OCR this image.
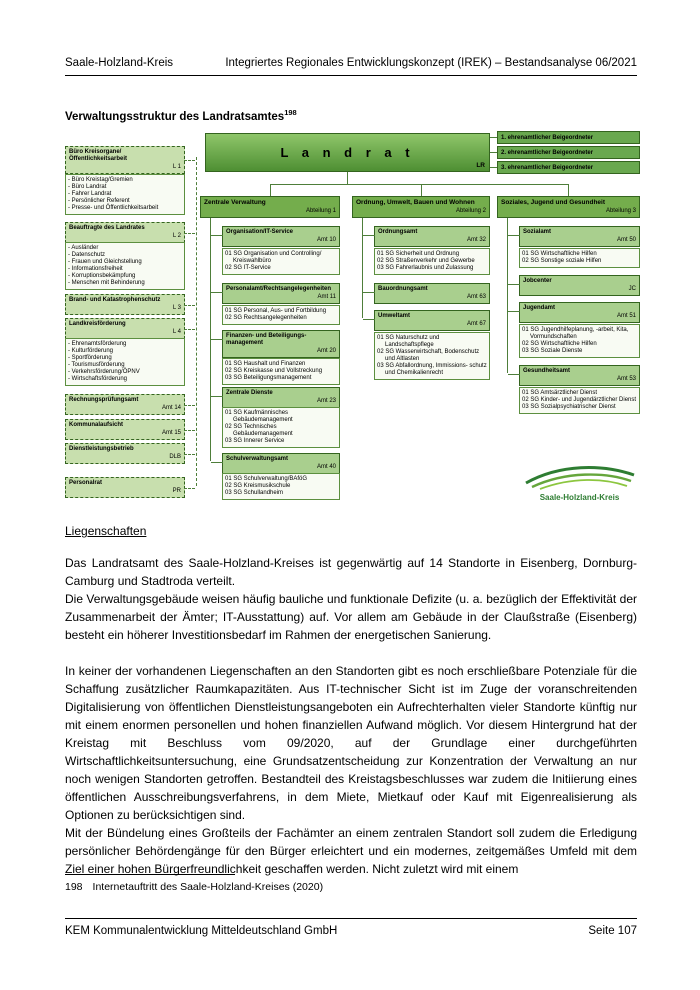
Saale-Holzland-Kreis	Integriertes Regionales Entwicklungskonzept (IREK) – Bestandsanalyse 06/2021
Verwaltungsstruktur des Landratsamtes$^{198}$
L a n d r a t
LR
1. ehrenamtlicher Beigeordneter
2. ehrenamtlicher Beigeordneter
3. ehrenamtlicher Beigeordneter
Büro Kreisorgane/ Öffentlichkeitsarbeit
L 1
- Büro Kreistag/Gremien
- Büro Landrat
- Fahrer Landrat
- Persönlicher Referent
- Presse- und Öffentlichkeitsarbeit
Beauftragte des Landrates
L 2
- Ausländer
- Datenschutz
- Frauen und Gleichstellung
- Informationsfreiheit
- Korruptionsbekämpfung
- Menschen mit Behinderung
Brand- und Katastrophenschutz
L 3
Landkreisförderung
L 4
- Ehrenamtsförderung
- Kulturförderung
- Sportförderung
- Tourismusförderung
- Verkehrsförderung/ÖPNV
- Wirtschaftsförderung
Rechnungsprüfungsamt
Amt 14
Kommunalaufsicht
Amt 15
Dienstleistungsbetrieb
DLB
Personalrat
PR
Zentrale Verwaltung
Abteilung 1
Ordnung, Umwelt, Bauen und Wohnen
Abteilung 2
Soziales, Jugend und Gesundheit
Abteilung 3
Organisation/IT-Service
Amt 10
01 SG Organisation und Controlling/ Kreiswahlbüro
02 SG IT-Service
Personalamt/Rechtsangelegenheiten
Amt 11
01 SG Personal, Aus- und Fortbildung
02 SG Rechtsangelegenheiten
Finanzen- und Beteiligungs- management
Amt 20
01 SG Haushalt und Finanzen
02 SG Kreiskasse und Vollstreckung
03 SG Beteiligungsmanagement
Zentrale Dienste
Amt 23
01 SG Kaufmännisches Gebäudemanagement
02 SG Technisches Gebäudemanagement
03 SG Innerer Service
Schulverwaltungsamt
Amt 40
01 SG Schulverwaltung/BAföG
02 SG Kreismusikschule
03 SG Schullandheim
Ordnungsamt
Amt 32
01 SG Sicherheit und Ordnung
02 SG Straßenverkehr und Gewerbe
03 SG Fahrerlaubnis und Zulassung
Bauordnungsamt
Amt 63
Umweltamt
Amt 67
01 SG Naturschutz und Landschaftspflege
02 SG Wasserwirtschaft, Bodenschutz und Altlasten
03 SG Abfallordnung, Immissions- schutz und Chemikalienrecht
Sozialamt
Amt 50
01 SG Wirtschaftliche Hilfen
02 SG Sonstige soziale Hilfen
Jobcenter
JC
Jugendamt
Amt 51
01 SG Jugendhilfeplanung, -arbeit, Kita, Vormundschaften
02 SG Wirtschaftliche Hilfen
03 SG Soziale Dienste
Gesundheitsamt
Amt 53
01 SG Amtsärztlicher Dienst
02 SG Kinder- und Jugendärztlicher Dienst
03 SG Sozialpsychiatrischer Dienst
Saale-Holzland-Kreis
Liegenschaften

Das Landratsamt des Saale-Holzland-Kreises ist gegenwärtig auf 14 Standorte in Eisenberg, Dornburg-Camburg und Stadtroda verteilt.

Die Verwaltungsgebäude weisen häufig bauliche und funktionale Defizite (u. a. bezüglich der Effektivität der Zusammenarbeit der Ämter; IT-Ausstattung) auf. Vor allem am Gebäude in der Claußstraße (Eisenberg) besteht ein höherer Investitionsbedarf im Rahmen der energetischen Sanierung.

In keiner der vorhandenen Liegenschaften an den Standorten gibt es noch erschließbare Potenziale für die Schaffung zusätzlicher Raumkapazitäten. Aus IT-technischer Sicht ist im Zuge der voranschreitenden Digitalisierung von öffentlichen Dienstleistungsangeboten ein Aufrechterhalten vieler Standorte künftig nur mit einem enormen personellen und hohen finanziellen Aufwand möglich. Vor diesem Hintergrund hat der Kreistag mit Beschluss vom 09/2020, auf der Grundlage einer durchgeführten Wirtschaftlichkeitsuntersuchung, eine Grundsatzentscheidung zur Konzentration der Verwaltung an nur noch wenigen Standorten getroffen. Bestandteil des Kreistagsbeschlusses war zudem die Initiierung eines öffentlichen Ausschreibungsverfahrens, in dem Miete, Mietkauf oder Kauf mit Eigenrealisierung als Optionen zu berücksichtigen sind.

Mit der Bündelung eines Großteils der Fachämter an einem zentralen Standort soll zudem die Erledigung persönlicher Behördengänge für den Bürger erleichtert und ein modernes, zeitgemäßes Umfeld mit dem Ziel einer hohen Bürgerfreundlichkeit geschaffen werden. Nicht zuletzt wird mit einem

198 Internetauftritt des Saale-Holzland-Kreises (2020)
KEM Kommunalentwicklung Mitteldeutschland GmbH	Seite 107
